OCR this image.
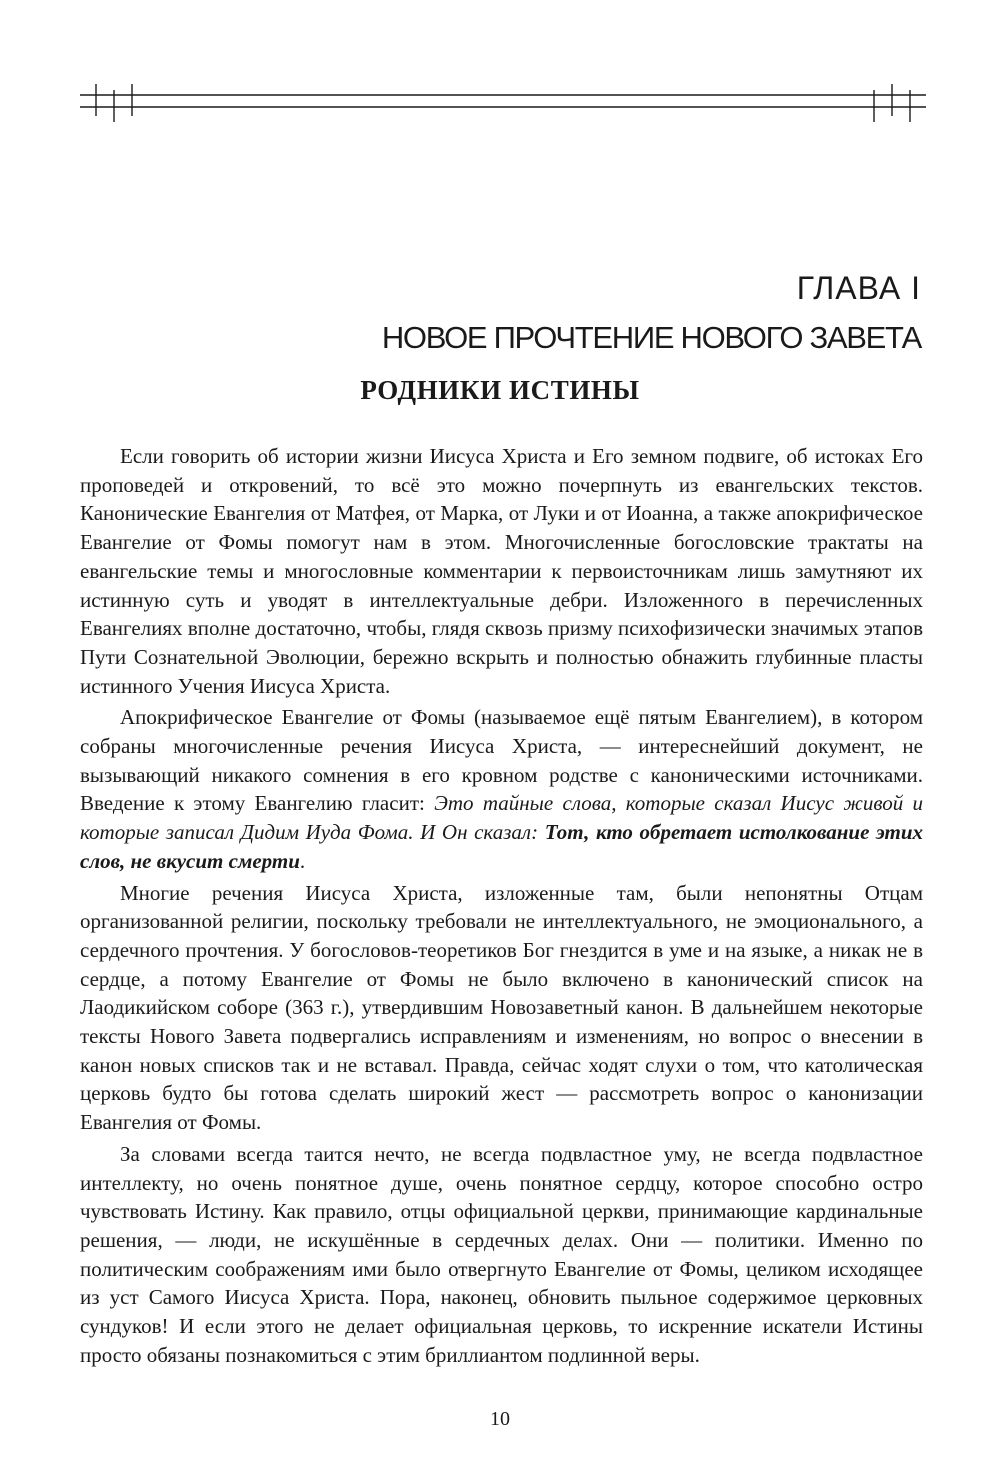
ГЛАВА I
НОВОЕ ПРОЧТЕНИЕ НОВОГО ЗАВЕТА
РОДНИКИ ИСТИНЫ

Если говорить об истории жизни Иисуса Христа и Его земном подвиге, об истоках Его проповедей и откровений, то всё это можно почерпнуть из евангельских текстов. Канонические Евангелия от Матфея, от Марка, от Луки и от Иоанна, а также апокрифическое Евангелие от Фомы помогут нам в этом. Многочисленные богословские трактаты на евангельские темы и многословные комментарии к первоисточникам лишь замутняют их истинную суть и уводят в интеллектуальные дебри. Изложенного в перечисленных Евангелиях вполне достаточно, чтобы, глядя сквозь призму психофизически значимых этапов Пути Сознательной Эволюции, бережно вскрыть и полностью обнажить глубинные пласты истинного Учения Иисуса Христа.

Апокрифическое Евангелие от Фомы (называемое ещё пятым Евангелием), в котором собраны многочисленные речения Иисуса Христа, — интереснейший документ, не вызывающий никакого сомнения в его кровном родстве с каноническими источниками. Введение к этому Евангелию гласит: Это тайные слова, которые сказал Иисус живой и которые записал Дидим Иуда Фома. И Он сказал: Тот, кто обретает истолкование этих слов, не вкусит смерти.

Многие речения Иисуса Христа, изложенные там, были непонятны Отцам организованной религии, поскольку требовали не интеллектуального, не эмоционального, а сердечного прочтения. У богословов-теоретиков Бог гнездится в уме и на языке, а никак не в сердце, а потому Евангелие от Фомы не было включено в канонический список на Лаодикийском соборе (363 г.), утвердившим Новозаветный канон. В дальнейшем некоторые тексты Нового Завета подвергались исправлениям и изменениям, но вопрос о внесении в канон новых списков так и не вставал. Правда, сейчас ходят слухи о том, что католическая церковь будто бы готова сделать широкий жест — рассмотреть вопрос о канонизации Евангелия от Фомы.

За словами всегда таится нечто, не всегда подвластное уму, не всегда подвластное интеллекту, но очень понятное душе, очень понятное сердцу, которое способно остро чувствовать Истину. Как правило, отцы официальной церкви, принимающие кардинальные решения, — люди, не искушённые в сердечных делах. Они — политики. Именно по политическим соображениям ими было отвергнуто Евангелие от Фомы, целиком исходящее из уст Самого Иисуса Христа. Пора, наконец, обновить пыльное содержимое церковных сундуков! И если этого не делает официальная церковь, то искренние искатели Истины просто обязаны познакомиться с этим бриллиантом подлинной веры.

10
